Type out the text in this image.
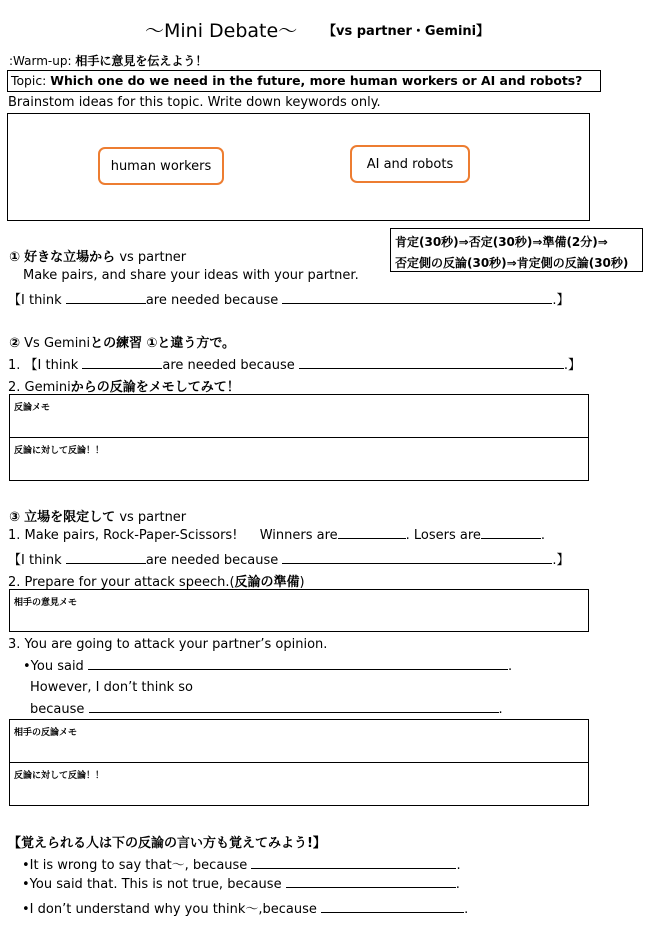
～Mini Debate～ 【vs partner・Gemini】
:Warm-up: 相手に意見を伝えよう！
Topic: Which one do we need in the future, more human workers or AI and robots?
Brainstom ideas for this topic. Write down keywords only.
human workers	AI and robots
肯定(30秒)⇒否定(30秒)⇒準備(2分)⇒
否定側の反論(30秒)⇒肯定側の反論(30秒)
① 好きな立場から vs partner
Make pairs, and share your ideas with your partner.
【I think	are needed because	.】
② Vs Geminiとの練習 ①と違う方で。
1. 【I think	are needed because	.】
2. Geminiからの反論をメモしてみて！
反論メモ
反論に対して反論！！
③ 立場を限定して vs partner
1. Make pairs, Rock-Paper-Scissors! Winners are	. Losers are	.
【I think	are needed because	.】
2. Prepare for your attack speech.(反論の準備)
相手の意見メモ
3. You are going to attack your partner’s opinion.
•You said	.
However, I don’t think so
because	.
相手の反論メモ
反論に対して反論！！
【覚えられる人は下の反論の言い方も覚えてみよう!】
•It is wrong to say that～, because	.
•You said that. This is not true, because	.
•I don’t understand why you think～,because	.
